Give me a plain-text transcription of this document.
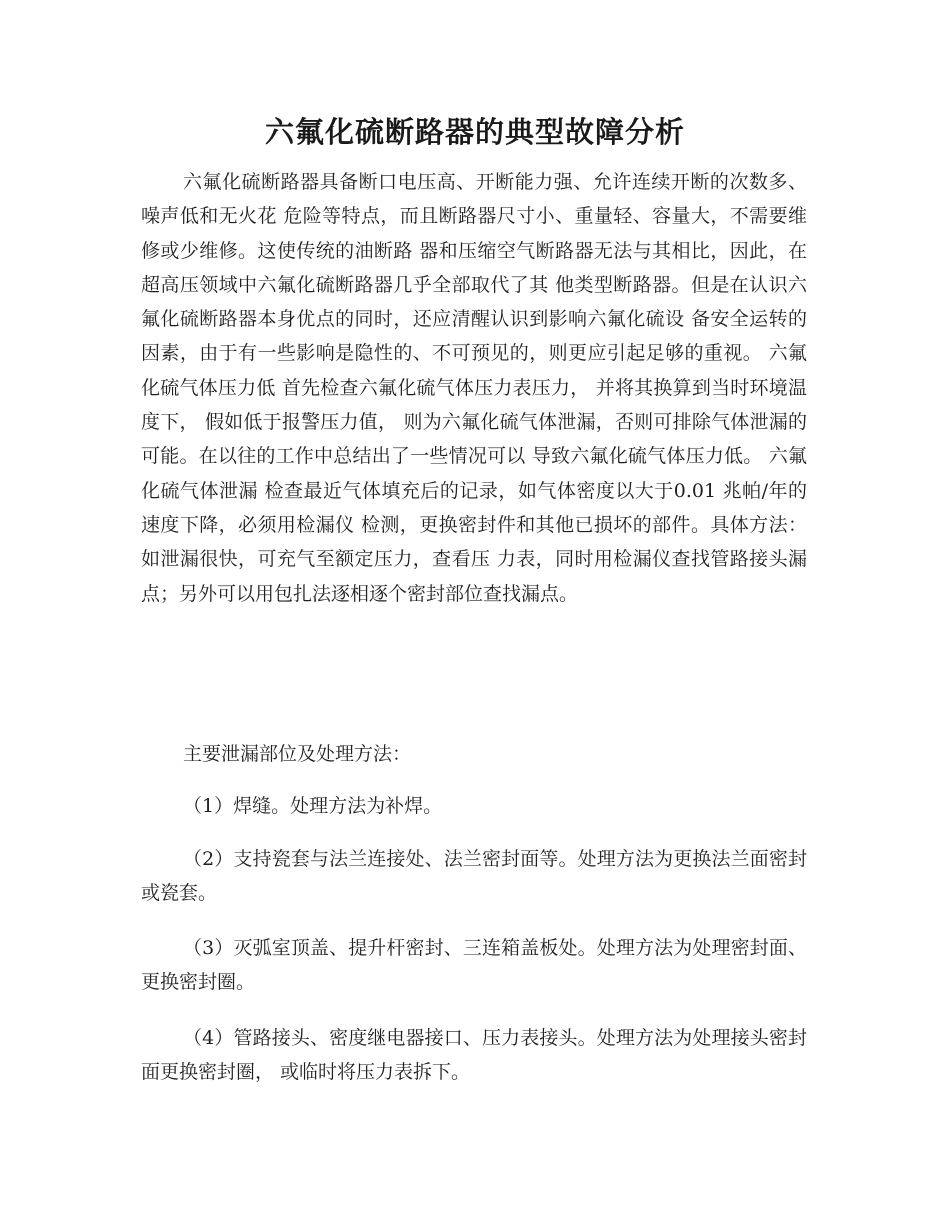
六氟化硫断路器的典型故障分析

六氟化硫断路器具备断口电压高、开断能力强、允许连续开断的次数多、噪声低和无火花 危险等特点，而且断路器尺寸小、重量轻、容量大，不需要维修或少维修。这使传统的油断路 器和压缩空气断路器无法与其相比，因此，在超高压领域中六氟化硫断路器几乎全部取代了其 他类型断路器。但是在认识六氟化硫断路器本身优点的同时，还应清醒认识到影响六氟化硫设 备安全运转的因素，由于有一些影响是隐性的、不可预见的，则更应引起足够的重视。 六氟化硫气体压力低 首先检查六氟化硫气体压力表压力， 并将其换算到当时环境温度下， 假如低于报警压力值， 则为六氟化硫气体泄漏，否则可排除气体泄漏的可能。在以往的工作中总结出了一些情况可以 导致六氟化硫气体压力低。 六氟化硫气体泄漏 检查最近气体填充后的记录，如气体密度以大于0.01 兆帕/年的速度下降，必须用检漏仪 检测，更换密封件和其他已损坏的部件。具体方法：如泄漏很快，可充气至额定压力，查看压 力表，同时用检漏仪查找管路接头漏点；另外可以用包扎法逐相逐个密封部位查找漏点。

主要泄漏部位及处理方法：

（1）焊缝。处理方法为补焊。

（2）支持瓷套与法兰连接处、法兰密封面等。处理方法为更换法兰面密封或瓷套。

（3）灭弧室顶盖、提升杆密封、三连箱盖板处。处理方法为处理密封面、更换密封圈。

（4）管路接头、密度继电器接口、压力表接头。处理方法为处理接头密封面更换密封圈， 或临时将压力表拆下。
